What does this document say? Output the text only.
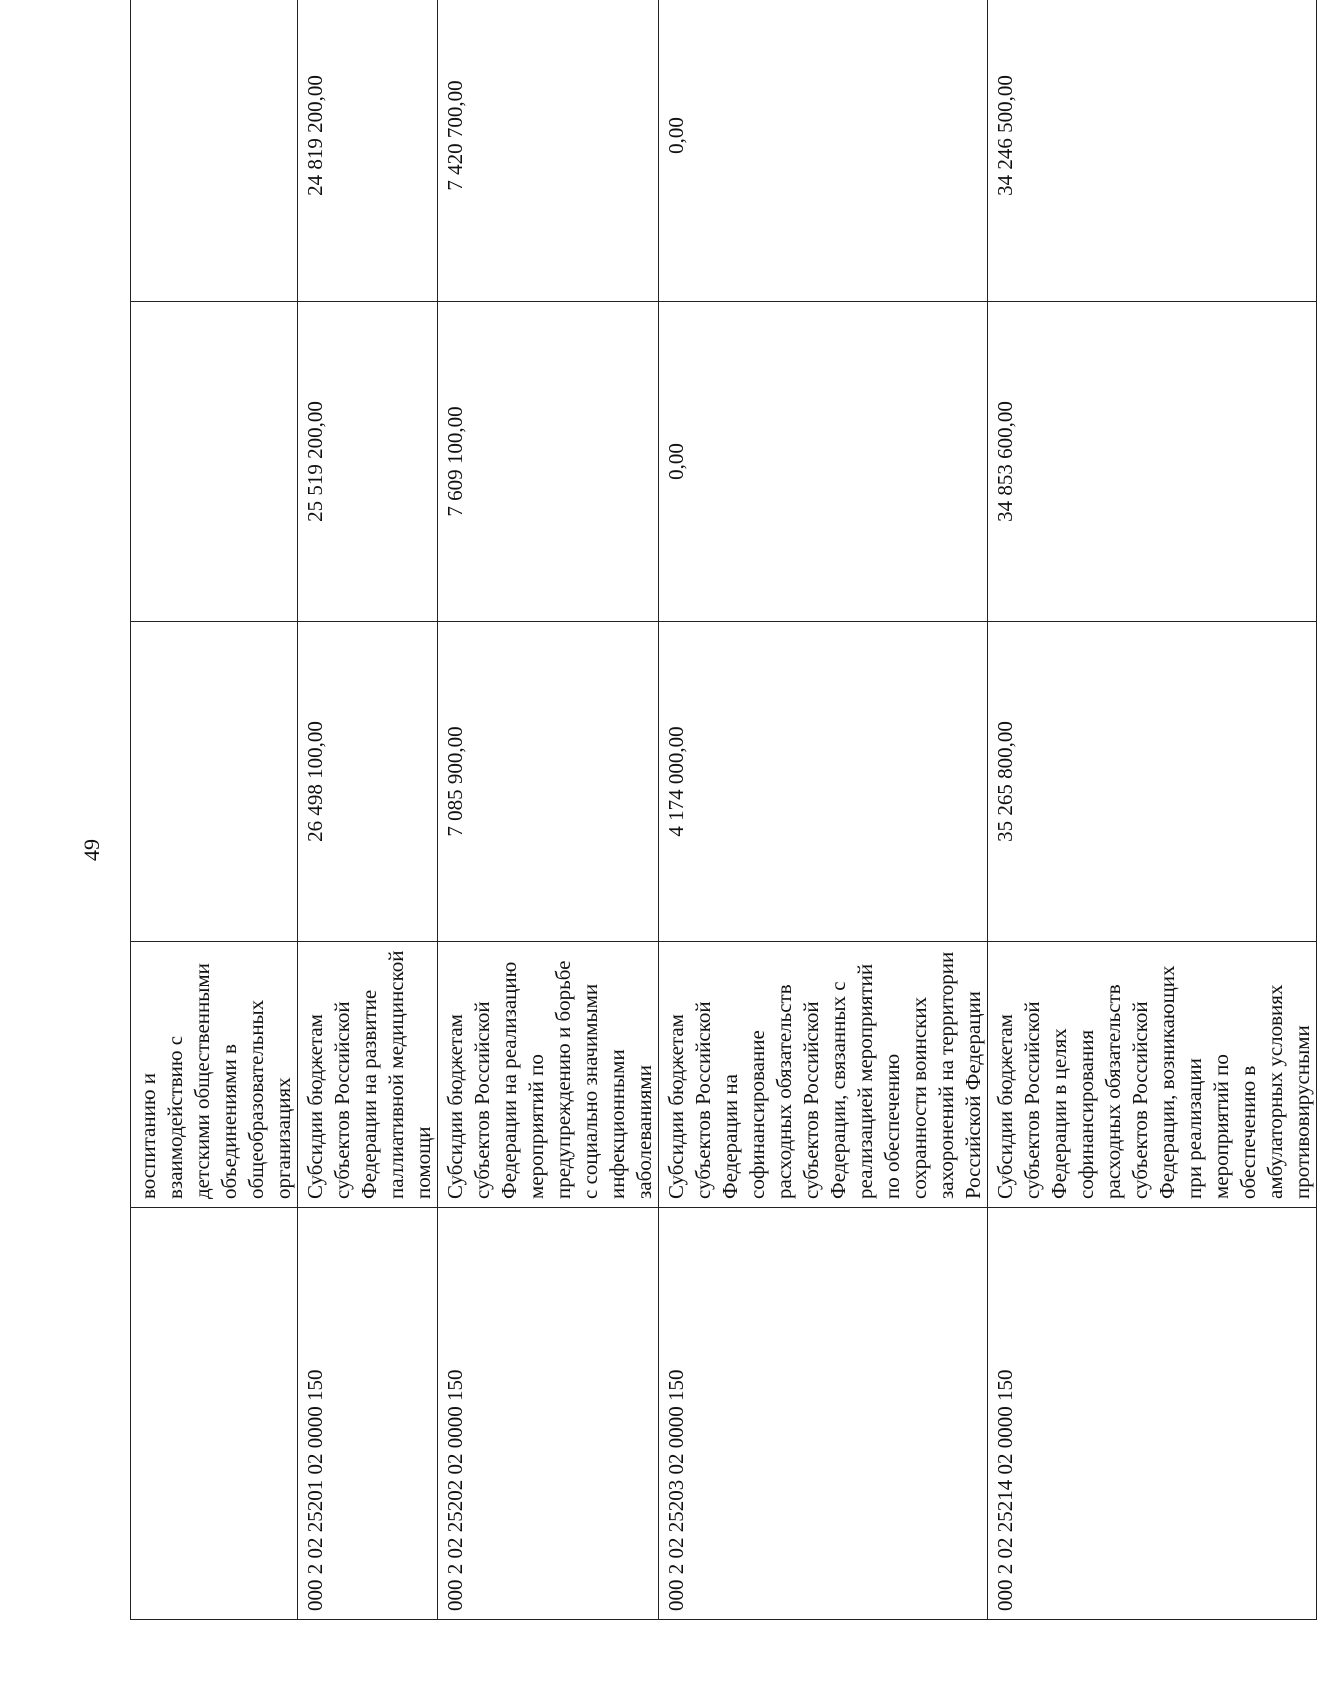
49
	воспитанию и взаимодействию с детскими общественными объединениями в общеобразовательных организациях			
000 2 02 25201 02 0000 150	Субсидии бюджетам субъектов Российской Федерации на развитие паллиативной медицинской помощи	26 498 100,00	25 519 200,00	24 819 200,00
000 2 02 25202 02 0000 150	Субсидии бюджетам субъектов Российской Федерации на реализацию мероприятий по предупреждению и борьбе с социально значимыми инфекционными заболеваниями	7 085 900,00	7 609 100,00	7 420 700,00
000 2 02 25203 02 0000 150	Субсидии бюджетам субъектов Российской Федерации на софинансирование расходных обязательств субъектов Российской Федерации, связанных с реализацией мероприятий по обеспечению сохранности воинских захоронений на территории Российской Федерации	4 174 000,00	0,00	0,00
000 2 02 25214 02 0000 150	Субсидии бюджетам субъектов Российской Федерации в целях софинансирования расходных обязательств субъектов Российской Федерации, возникающих при реализации мероприятий по обеспечению в амбулаторных условиях противовирусными	35 265 800,00	34 853 600,00	34 246 500,00
